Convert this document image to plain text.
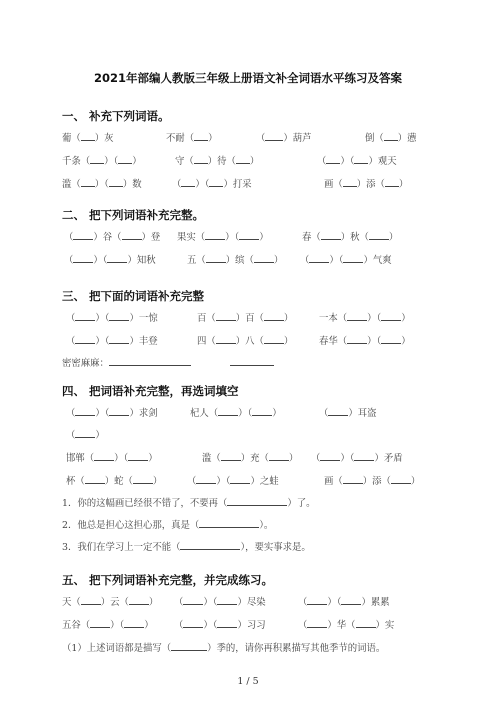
2021年部编人教版三年级上册语文补全词语水平练习及答案
一、 补充下列词语。
葡（ ）灰	不耐（ ）	（ ）葫芦	倒（ ）懑
千条（ ）（ ）	守（ ）待（ ）	（ ）（ ）观天
滥（ ）（ ）数	（ ）（ ）打采	画（ ）添（ ）
二、 把下列词语补充完整。
（ ）谷（ ）登 果实（ ）（ ）	春（ ）秋（ ）
（ ）（ ）知秋	五（ ）缤（ ） （ ）（ ）气爽
三、 把下面的词语补充完整
（ ）（ ）一惊	百（ ）百（ ）	一本（ ）（ ）
（ ）（ ）丰登	四（ ）八（ ）	春华（ ）（ ）
密密麻麻：
四、 把词语补充完整，再选词填空
（ ）（ ）求剑	杞人（ ）（ ）	（ ）耳盗
（ ）
邯郸（ ）（ ）	滥（ ）充（ ） （ ）（ ）矛盾
杯（ ）蛇（ ）	（ ）（ ）之蛙	画（ ）添（ ）
1．你的这幅画已经很不错了，不要再（	）了。
2．他总是担心这担心那，真是（	）。
3．我们在学习上一定不能（	），要实事求是。
五、 把下列词语补充完整，并完成练习。
天（ ）云（ ） （ ）（ ）尽染	（ ）（ ）累累
五谷（ ）（ ） （ ）（ ）习习	（ ）华（ ）实
（1）上述词语都是描写（	）季的，请你再积累描写其他季节的词语。
1 / 5
